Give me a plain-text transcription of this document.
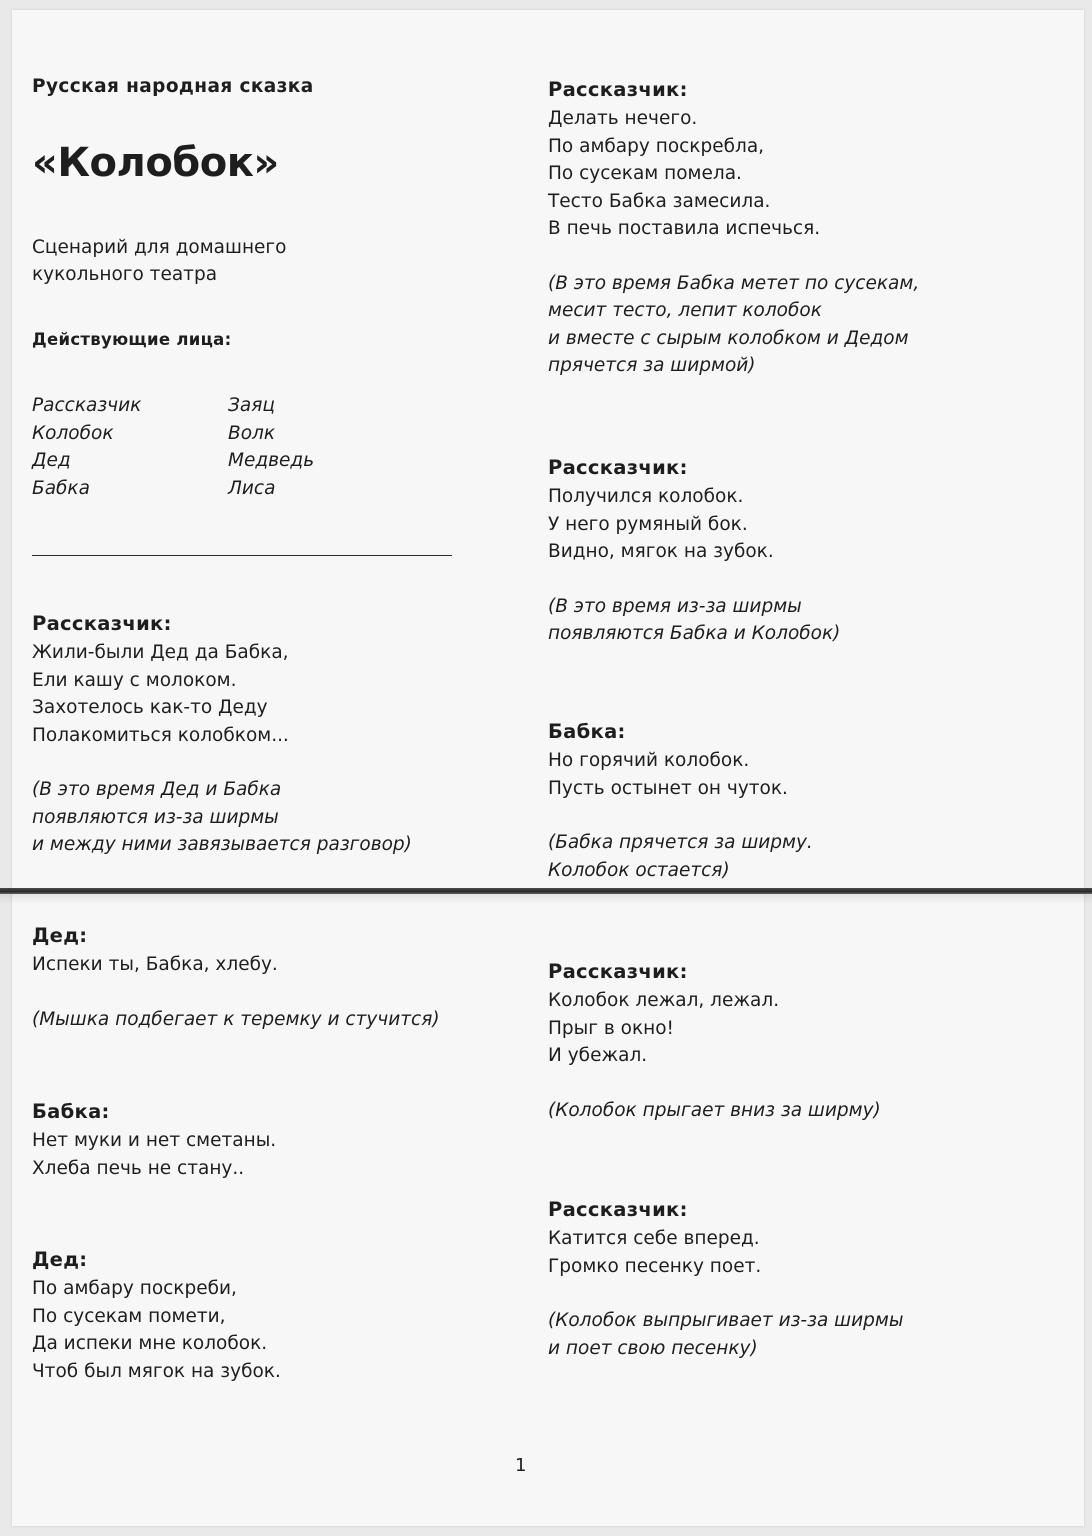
Русская народная сказка
«Колобок»
Сценарий для домашнего
кукольного театра
Действующие лица:
Рассказчик
Колобок
Дед
Бабка
Заяц
Волк
Медведь
Лиса
Рассказчик:
Жили-были Дед да Бабка,
Ели кашу с молоком.
Захотелось как-то Деду
Полакомиться колобком...
(В это время Дед и Бабка
появляются из-за ширмы
и между ними завязывается разговор)
Дед:
Испеки ты, Бабка, хлебу.
(Мышка подбегает к теремку и стучится)
Бабка:
Нет муки и нет сметаны.
Хлеба печь не стану..
Дед:
По амбару поскреби,
По сусекам помети,
Да испеки мне колобок.
Чтоб был мягок на зубок.
Рассказчик:
Делать нечего.
По амбару поскребла,
По сусекам помела.
Тесто Бабка замесила.
В печь поставила испечься.
(В это время Бабка метет по сусекам,
месит тесто, лепит колобок
и вместе с сырым колобком и Дедом
прячется за ширмой)
Рассказчик:
Получился колобок.
У него румяный бок.
Видно, мягок на зубок.
(В это время из-за ширмы
появляются Бабка и Колобок)
Бабка:
Но горячий колобок.
Пусть остынет он чуток.
(Бабка прячется за ширму.
Колобок остается)
Рассказчик:
Колобок лежал, лежал.
Прыг в окно!
И убежал.
(Колобок прыгает вниз за ширму)
Рассказчик:
Катится себе вперед.
Громко песенку поет.
(Колобок выпрыгивает из-за ширмы
и поет свою песенку)
1
